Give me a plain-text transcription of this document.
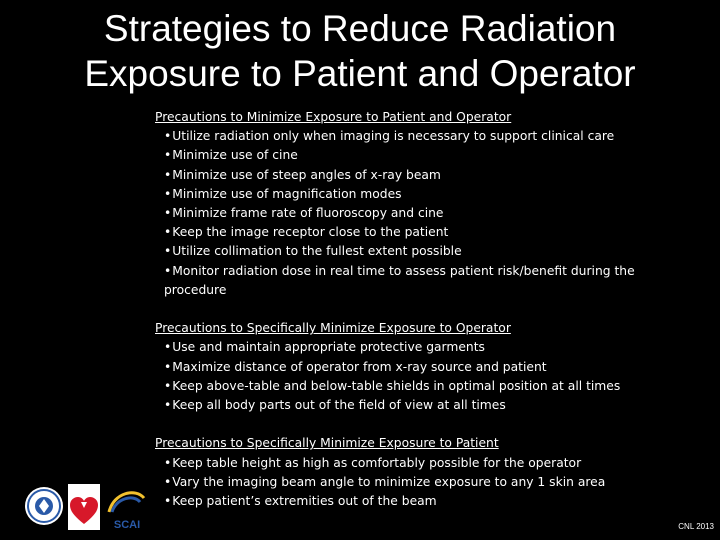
Strategies to Reduce Radiation
Exposure to Patient and Operator
Precautions to Minimize Exposure to Patient and Operator
•Utilize radiation only when imaging is necessary to support clinical care
•Minimize use of cine
•Minimize use of steep angles of x-ray beam
•Minimize use of magnification modes
•Minimize frame rate of fluoroscopy and cine
•Keep the image receptor close to the patient
•Utilize collimation to the fullest extent possible
•Monitor radiation dose in real time to assess patient risk/benefit during the procedure
Precautions to Specifically Minimize Exposure to Operator
•Use and maintain appropriate protective garments
•Maximize distance of operator from x-ray source and patient
•Keep above-table and below-table shields in optimal position at all times
•Keep all body parts out of the field of view at all times
Precautions to Specifically Minimize Exposure to Patient
•Keep table height as high as comfortably possible for the operator
•Vary the imaging beam angle to minimize exposure to any 1 skin area
•Keep patient’s extremities out of the beam
SCAI	CNL 2013
